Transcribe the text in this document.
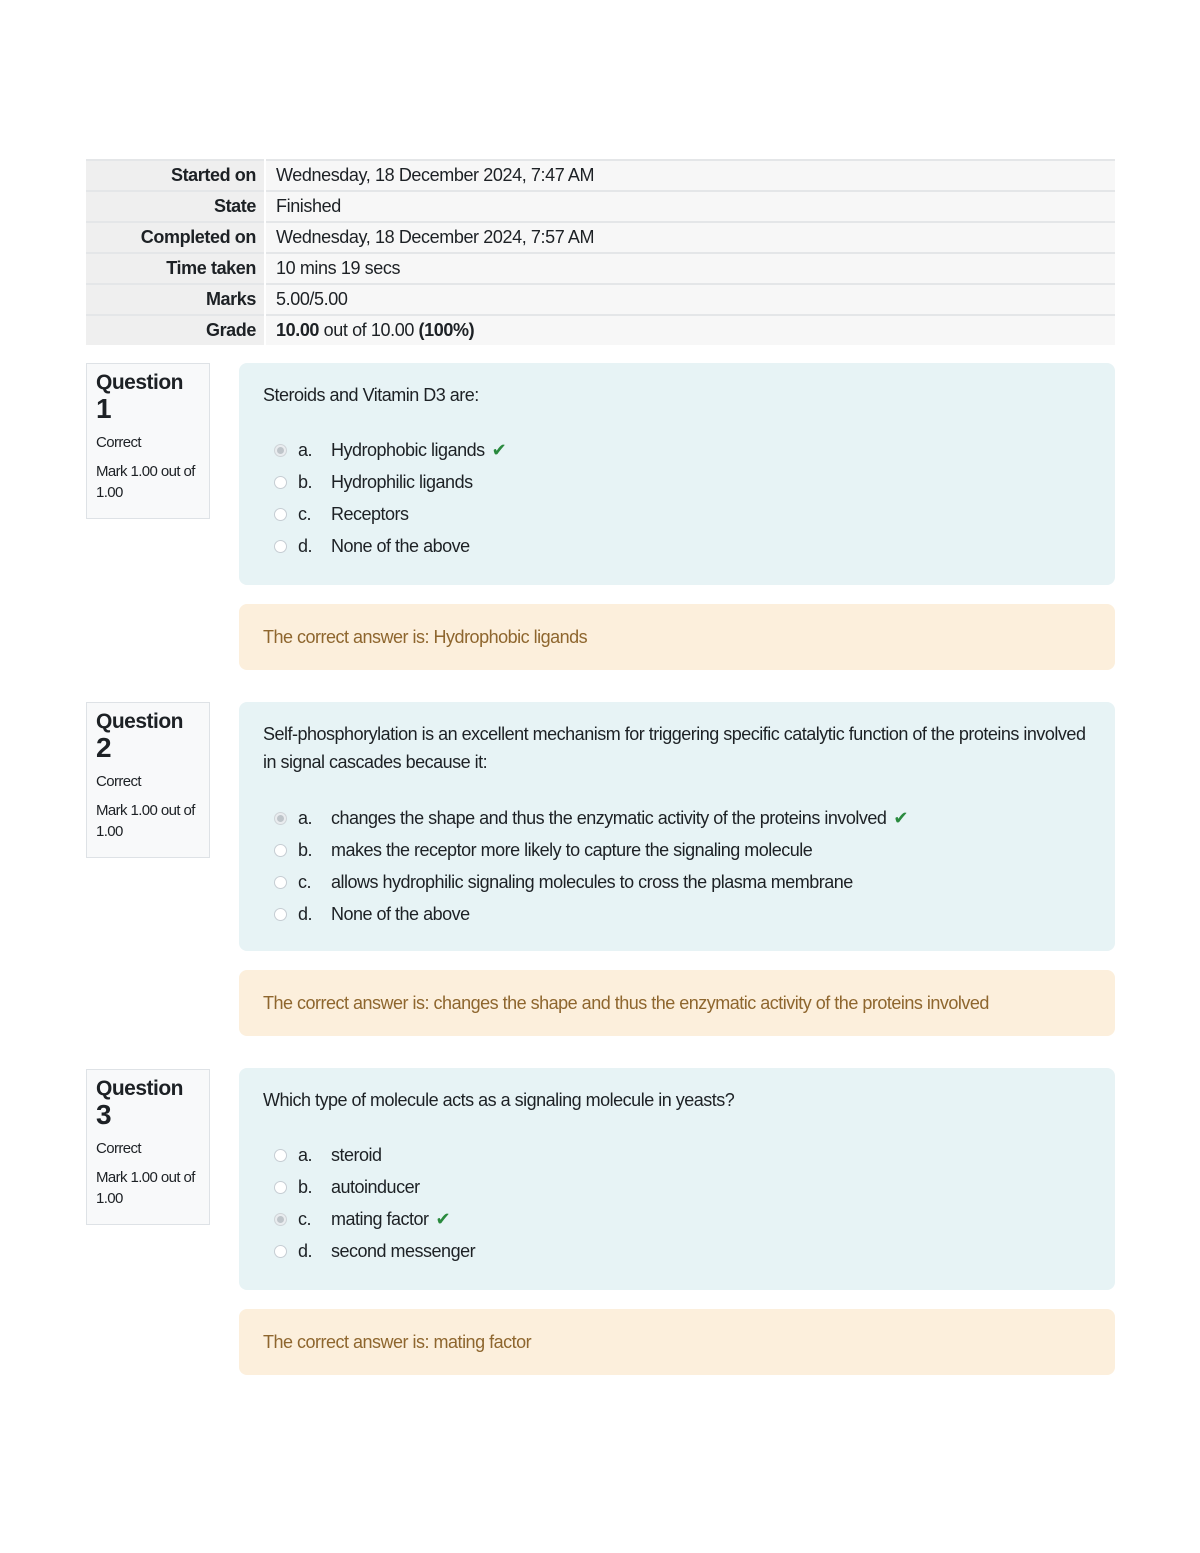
Started on	Wednesday, 18 December 2024, 7:47 AM
State	Finished
Completed on	Wednesday, 18 December 2024, 7:57 AM
Time taken	10 mins 19 secs
Marks	5.00/5.00
Grade	10.00 out of 10.00 (100%)
Question
1
Correct
Mark 1.00 out of 1.00

Steroids and Vitamin D3 are:

a.	Hydrophobic ligands ✔
b.	Hydrophilic ligands
c.	Receptors
d.	None of the above
The correct answer is: Hydrophobic ligands
Question
2
Correct
Mark 1.00 out of 1.00

Self-phosphorylation is an excellent mechanism for triggering specific catalytic function of the proteins involved in signal cascades because it:

a.	changes the shape and thus the enzymatic activity of the proteins involved ✔
b.	makes the receptor more likely to capture the signaling molecule
c.	allows hydrophilic signaling molecules to cross the plasma membrane
d.	None of the above
The correct answer is: changes the shape and thus the enzymatic activity of the proteins involved
Question
3
Correct
Mark 1.00 out of 1.00

Which type of molecule acts as a signaling molecule in yeasts?

a.	steroid
b.	autoinducer
c.	mating factor ✔
d.	second messenger
The correct answer is: mating factor
